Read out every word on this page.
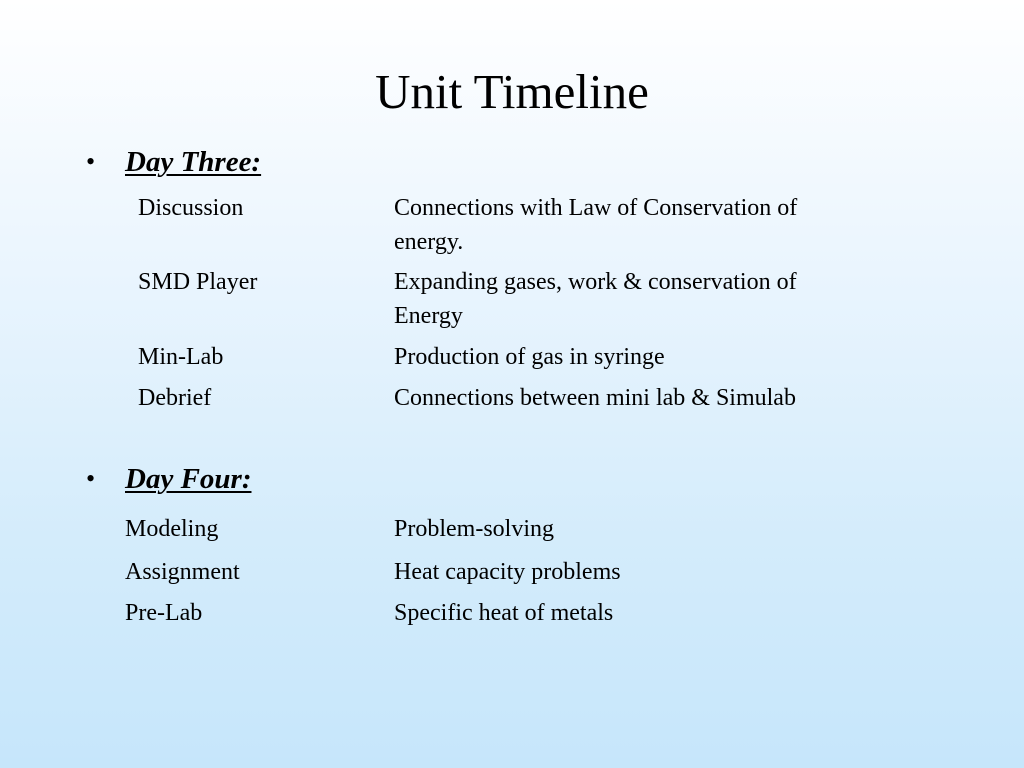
Unit Timeline
• Day Three:
Discussion	Connections with Law of Conservation of energy.
SMD Player	Expanding gases, work & conservation of Energy
Min-Lab	Production of gas in syringe
Debrief	Connections between mini lab & Simulab
• Day Four:
Modeling	Problem-solving
Assignment	Heat capacity problems
Pre-Lab	Specific heat of metals
